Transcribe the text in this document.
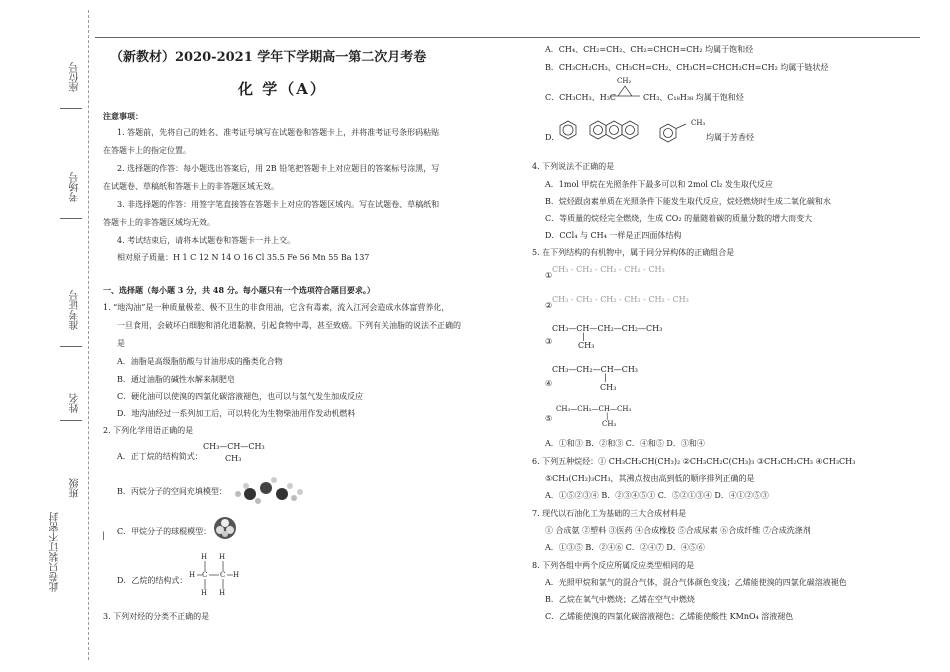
座位号
考场号
准考证号
姓名
班级
此卷只装订不密封
（新教材）2020-2021 学年下学期高一第二次月考卷
化 学（A）
注意事项：
1. 答题前，先将自己的姓名、准考证号填写在试题卷和答题卡上，并将准考证号条形码粘贴
在答题卡上的指定位置。
2. 选择题的作答：每小题选出答案后，用 2B 铅笔把答题卡上对应题目的答案标号涂黑，写
在试题卷、草稿纸和答题卡上的非答题区域无效。
3. 非选择题的作答：用签字笔直接答在答题卡上对应的答题区域内。写在试题卷、草稿纸和
答题卡上的非答题区域均无效。
4. 考试结束后，请将本试题卷和答题卡一并上交。
相对原子质量：H 1 C 12 N 14 O 16 Cl 35.5 Fe 56 Mn 55 Ba 137
一、选择题（每小题 3 分，共 48 分。每小题只有一个选项符合题目要求。）
1. “地沟油”是一种质量极差、极不卫生的非食用油，它含有毒素，流入江河会造成水体富营养化，
一旦食用，会破坏白细胞和消化道黏膜，引起食物中毒，甚至致癌。下列有关油脂的说法不正确的
是
A．油脂是高级脂肪酸与甘油形成的酯类化合物
B．通过油脂的碱性水解来制肥皂
C．硬化油可以使溴的四氯化碳溶液褪色，也可以与氢气发生加成反应
D．地沟油经过一系列加工后，可以转化为生物柴油用作发动机燃料
2. 下列化学用语正确的是
A．正丁烷的结构简式：
CH₃—CH—CH₃
CH₃
B．丙烷分子的空间充填模型：
| C．甲烷分子的球棍模型：
D．乙烷的结构式：
H H
H C C H
H H
3. 下列对烃的分类不正确的是
A．CH₄、CH₂=CH₂、CH₂=CHCH=CH₂ 均属于饱和烃
B．CH₃CH₂CH₃、CH₃CH=CH₂、CH₃CH=CHCH₂CH=CH₂ 均属于链状烃
CH₂
C．CH₃CH₃、H₃C	CH₃、C₁₈H₃₈ 均属于饱和烃
D．
CH₃
均属于芳香烃
4. 下列说法不正确的是
A．1mol 甲烷在光照条件下最多可以和 2mol Cl₂ 发生取代反应
B．烷烃跟卤素单质在光照条件下能发生取代反应，烷烃燃烧时生成二氧化碳和水
C．等质量的烷烃完全燃烧，生成 CO₂ 的量随着碳的质量分数的增大而变大
D．CCl₄ 与 CH₄ 一样是正四面体结构
5. 在下列结构的有机物中，属于同分异构体的正确组合是
①
CH₃ - CH₂ - CH₂ - CH₂ - CH₃
②
CH₃ - CH₂ - CH₂ - CH₂ - CH₂ - CH₃
CH₃—CH—CH₂—CH₂—CH₃
③
|
CH₃
CH₃—CH₂—CH—CH₃
④
|
CH₃
CH₃—CH₂—CH—CH₃
⑤	|
CH₃
A．①和③ B．②和③ C．④和⑤ D．③和④
6. 下列五种烷烃：① CH₃CH₂CH(CH₃)₂ ②CH₃CH₂C(CH₃)₃ ③CH₃CH₂CH₃ ④CH₃CH₃
⑤CH₃(CH₂)₃CH₃，其沸点按由高到低的顺序排列正确的是
A．①⑤②③④ B．②③④⑤① C．⑤②①③④ D．④①②⑤③
7. 现代以石油化工为基础的三大合成材料是
① 合成氨 ②塑料 ③医药 ④合成橡胶 ⑤合成尿素 ⑥合成纤维 ⑦合成洗涤剂
A．①③⑤ B．②④⑥ C．②④⑦ D．④⑤⑥
8. 下列各组中两个反应所属反应类型相同的是
A．光照甲烷和氯气的混合气体，混合气体颜色变浅；乙烯能使溴的四氯化碳溶液褪色
B．乙烷在氧气中燃烧；乙烯在空气中燃烧
C．乙烯能使溴的四氯化碳溶液褪色；乙烯能使酸性 KMnO₄ 溶液褪色
